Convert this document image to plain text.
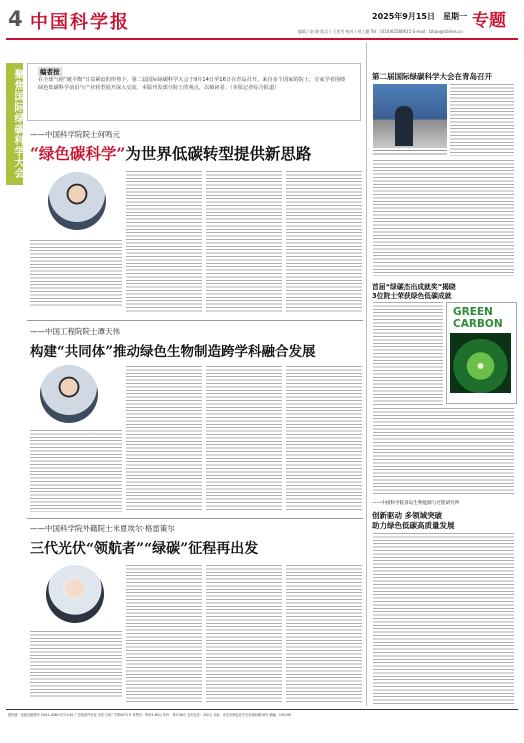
4 中国科学报	2025年9月15日 星期一 专题
编辑 / 赵 路 版式 / 王亚雪 校对 / 何工勤 Tel：(010)62580615 E-mail：lzhao@stimes.cn
聚焦国际绿碳科学大会	编者按
在全球气候“破平衡”日益紧迫的形势下，第二届国际绿碳科学大会于9月14日至16日在青岛召开。来自多个国家的院士、专家学者围绕绿色低碳科学前沿与产业转型展开深入交流。本版刊发部分院士的观点，以飨读者。（本报记者综合报道）
——中国科学院院士何鸣元
“绿色碳科学”为世界低碳转型提供新思路
——中国工程院院士谭天伟
构建“共同体”推动绿色生物制造跨学科融合发展
——中国科学院外籍院士米夏埃尔·格雷策尔
三代光伏“领航者”“绿碳”征程再出发
第二届国际绿碳科学大会在青岛召开
首届“绿碳杰出成就奖”揭晓
3位院士荣获绿色低碳成就
GREEN
CARBON
——中国科学院青岛生物能源与过程研究所
创新驱动 多领域突破
助力绿色低碳高质量发展
国内统一连续出版物号 CN11-0084 代号1-82 广告经营许可证 京东工商广字第0071号 零售价：每份1.80元 年价：每月36元 全年定价：432元 社址：北京市海淀区中关村南四街16号 邮编：100190
